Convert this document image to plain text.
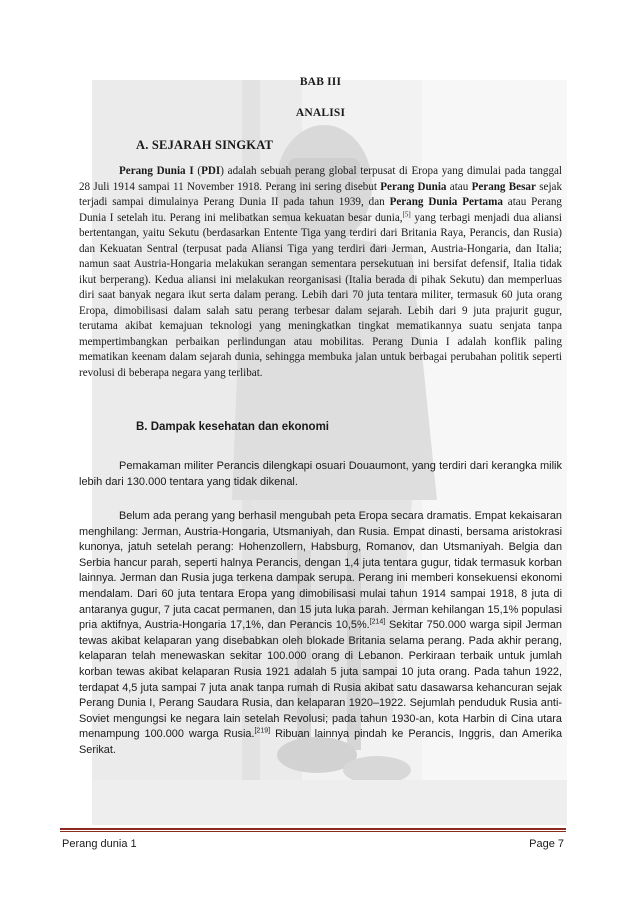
BAB III
ANALISI
A. SEJARAH SINGKAT

Perang Dunia I (PDI) adalah sebuah perang global terpusat di Eropa yang dimulai pada tanggal 28 Juli 1914 sampai 11 November 1918. Perang ini sering disebut Perang Dunia atau Perang Besar sejak terjadi sampai dimulainya Perang Dunia II pada tahun 1939, dan Perang Dunia Pertama atau Perang Dunia I setelah itu. Perang ini melibatkan semua kekuatan besar dunia,[5] yang terbagi menjadi dua aliansi bertentangan, yaitu Sekutu (berdasarkan Entente Tiga yang terdiri dari Britania Raya, Perancis, dan Rusia) dan Kekuatan Sentral (terpusat pada Aliansi Tiga yang terdiri dari Jerman, Austria-Hongaria, dan Italia; namun saat Austria-Hongaria melakukan serangan sementara persekutuan ini bersifat defensif, Italia tidak ikut berperang). Kedua aliansi ini melakukan reorganisasi (Italia berada di pihak Sekutu) dan memperluas diri saat banyak negara ikut serta dalam perang. Lebih dari 70 juta tentara militer, termasuk 60 juta orang Eropa, dimobilisasi dalam salah satu perang terbesar dalam sejarah. Lebih dari 9 juta prajurit gugur, terutama akibat kemajuan teknologi yang meningkatkan tingkat mematikannya suatu senjata tanpa mempertimbangkan perbaikan perlindungan atau mobilitas. Perang Dunia I adalah konflik paling mematikan keenam dalam sejarah dunia, sehingga membuka jalan untuk berbagai perubahan politik seperti revolusi di beberapa negara yang terlibat.

B. Dampak kesehatan dan ekonomi

Pemakaman militer Perancis dilengkapi osuari Douaumont, yang terdiri dari kerangka milik lebih dari 130.000 tentara yang tidak dikenal.

Belum ada perang yang berhasil mengubah peta Eropa secara dramatis. Empat kekaisaran menghilang: Jerman, Austria-Hongaria, Utsmaniyah, dan Rusia. Empat dinasti, bersama aristokrasi kunonya, jatuh setelah perang: Hohenzollern, Habsburg, Romanov, dan Utsmaniyah. Belgia dan Serbia hancur parah, seperti halnya Perancis, dengan 1,4 juta tentara gugur, tidak termasuk korban lainnya. Jerman dan Rusia juga terkena dampak serupa. Perang ini memberi konsekuensi ekonomi mendalam. Dari 60 juta tentara Eropa yang dimobilisasi mulai tahun 1914 sampai 1918, 8 juta di antaranya gugur, 7 juta cacat permanen, dan 15 juta luka parah. Jerman kehilangan 15,1% populasi pria aktifnya, Austria-Hongaria 17,1%, dan Perancis 10,5%.[214] Sekitar 750.000 warga sipil Jerman tewas akibat kelaparan yang disebabkan oleh blokade Britania selama perang. Pada akhir perang, kelaparan telah menewaskan sekitar 100.000 orang di Lebanon. Perkiraan terbaik untuk jumlah korban tewas akibat kelaparan Rusia 1921 adalah 5 juta sampai 10 juta orang. Pada tahun 1922, terdapat 4,5 juta sampai 7 juta anak tanpa rumah di Rusia akibat satu dasawarsa kehancuran sejak Perang Dunia I, Perang Saudara Rusia, dan kelaparan 1920–1922. Sejumlah penduduk Rusia anti-Soviet mengungsi ke negara lain setelah Revolusi; pada tahun 1930-an, kota Harbin di Cina utara menampung 100.000 warga Rusia.[219] Ribuan lainnya pindah ke Perancis, Inggris, dan Amerika Serikat.

Perang dunia 1	Page 7
